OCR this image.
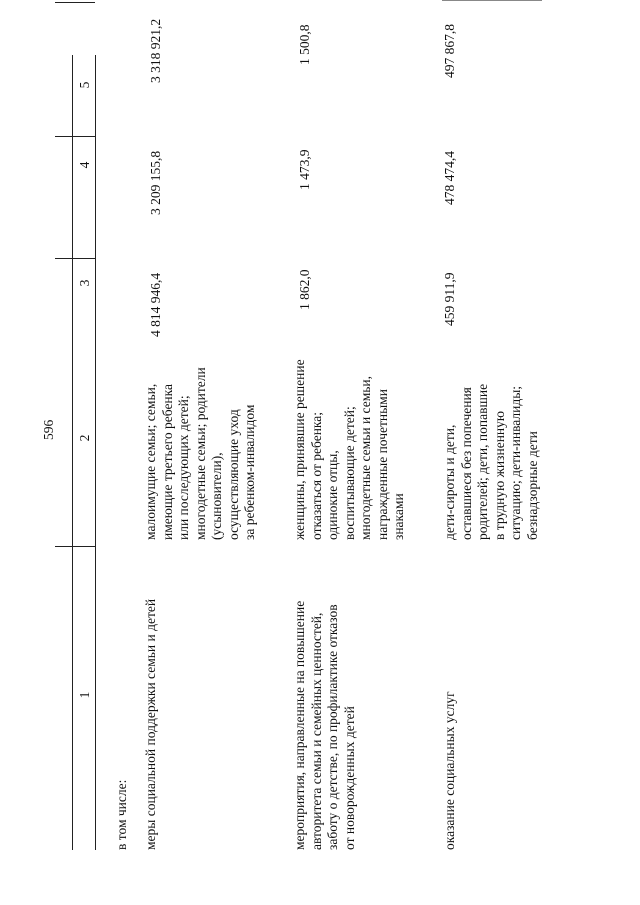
596
1
2
3
4
5
в том числе: меры социальной поддержки семьи и детей
малоимущие семьи; семьи, имеющие третьего ребенка или последующих детей; многодетные семьи; родители (усыновители), осуществляющие уход за ребенком-инвалидом
4 814 946,4
3 209 155,8
3 318 921,2
мероприятия, направленные на повышение авторитета семьи и семейных ценностей, заботу о детстве, по профилактике отказов от новорожденных детей
женщины, принявшие решение отказаться от ребенка; одинокие отцы, воспитывающие детей; многодетные семьи и семьи, награжденные почетными знаками
1 862,0
1 473,9
1 500,8
оказание социальных услуг
дети-сироты и дети, оставшиеся без попечения родителей; дети, попавшие в трудную жизненную ситуацию; дети-инвалиды; безнадзорные дети
459 911,9
478 474,4
497 867,8
